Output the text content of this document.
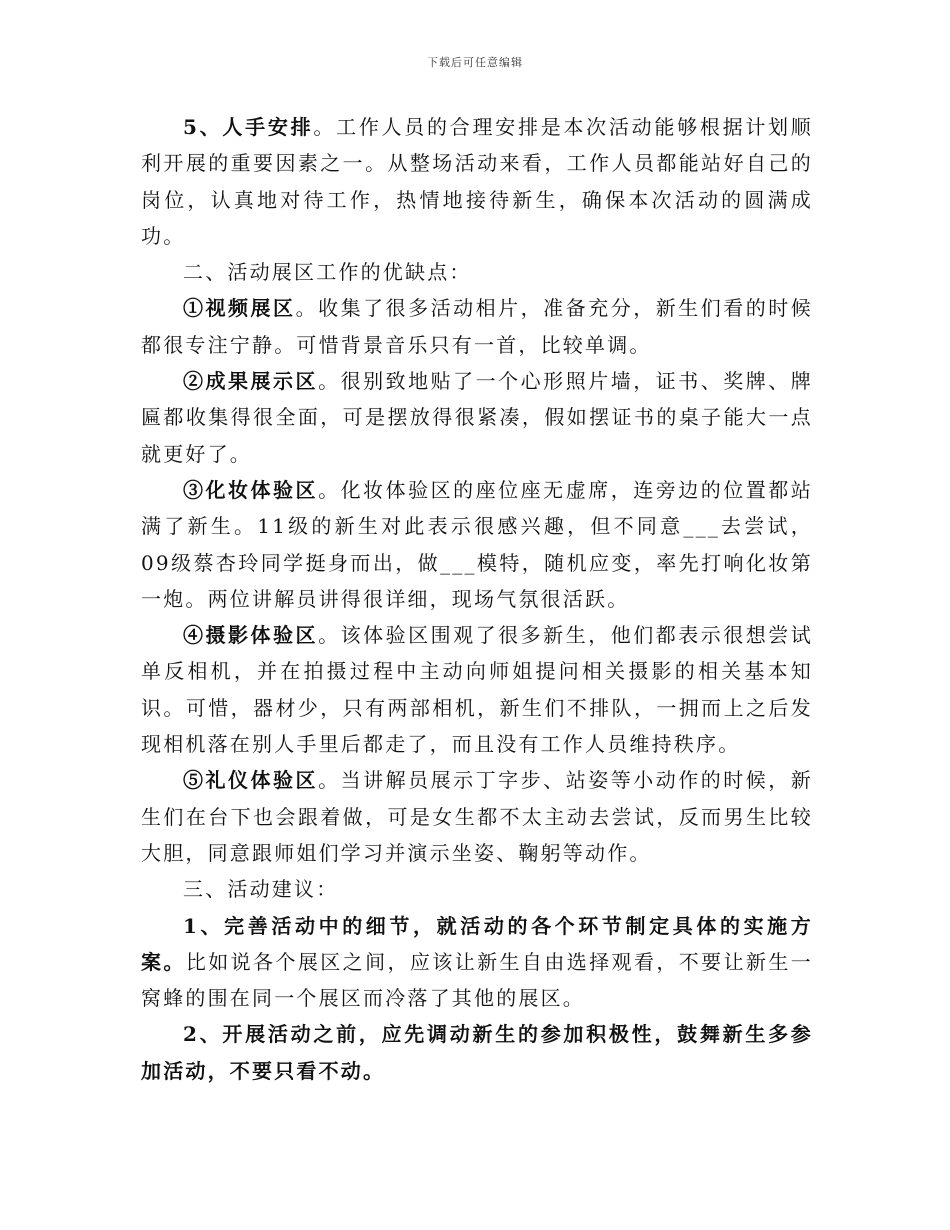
下载后可任意编辑

5、人手安排。工作人员的合理安排是本次活动能够根据计划顺利开展的重要因素之一。从整场活动来看，工作人员都能站好自己的岗位，认真地对待工作，热情地接待新生，确保本次活动的圆满成功。

二、活动展区工作的优缺点：

①视频展区。收集了很多活动相片，准备充分，新生们看的时候都很专注宁静。可惜背景音乐只有一首，比较单调。

②成果展示区。很别致地贴了一个心形照片墙，证书、奖牌、牌匾都收集得很全面，可是摆放得很紧凑，假如摆证书的桌子能大一点就更好了。

③化妆体验区。化妆体验区的座位座无虚席，连旁边的位置都站满了新生。11级的新生对此表示很感兴趣，但不同意___去尝试，09级蔡杏玲同学挺身而出，做___模特，随机应变，率先打响化妆第一炮。两位讲解员讲得很详细，现场气氛很活跃。

④摄影体验区。该体验区围观了很多新生，他们都表示很想尝试单反相机，并在拍摄过程中主动向师姐提问相关摄影的相关基本知识。可惜，器材少，只有两部相机，新生们不排队，一拥而上之后发现相机落在别人手里后都走了，而且没有工作人员维持秩序。

⑤礼仪体验区。当讲解员展示丁字步、站姿等小动作的时候，新生们在台下也会跟着做，可是女生都不太主动去尝试，反而男生比较大胆，同意跟师姐们学习并演示坐姿、鞠躬等动作。

三、活动建议：

1、完善活动中的细节，就活动的各个环节制定具体的实施方案。比如说各个展区之间，应该让新生自由选择观看，不要让新生一窝蜂的围在同一个展区而冷落了其他的展区。

2、开展活动之前，应先调动新生的参加积极性，鼓舞新生多参加活动，不要只看不动。
